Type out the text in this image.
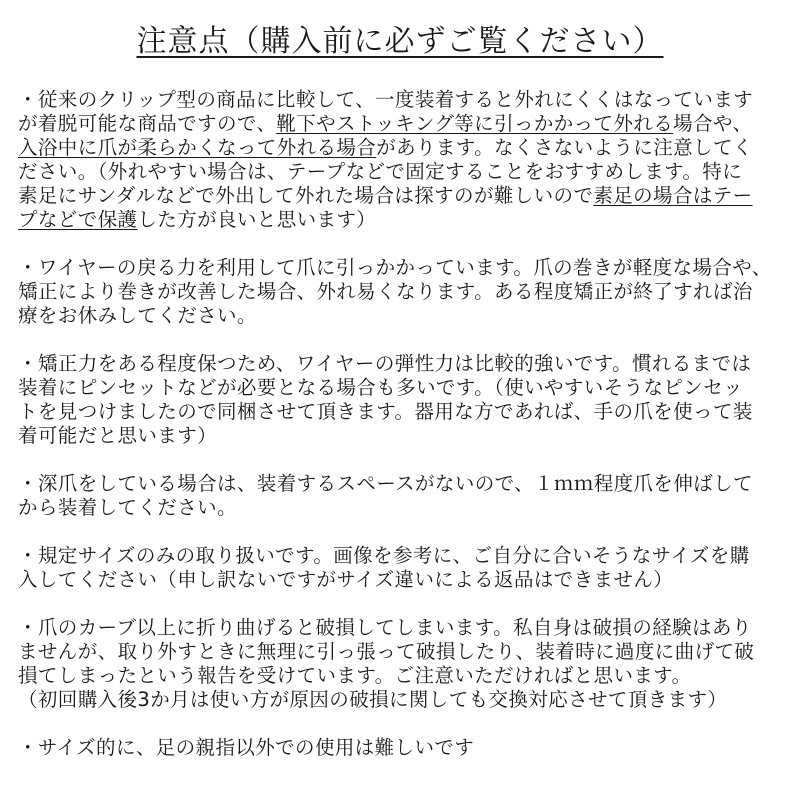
注意点（購入前に必ずご覧ください）
・従来のクリップ型の商品に比較して、一度装着すると外れにくくはなっています
が着脱可能な商品ですので、靴下やストッキング等に引っかかって外れる場合や、
入浴中に爪が柔らかくなって外れる場合があります。なくさないように注意してく
ださい。（外れやすい場合は、テープなどで固定することをおすすめします。特に
素足にサンダルなどで外出して外れた場合は探すのが難しいので素足の場合はテー
プなどで保護した方が良いと思います）
・ワイヤーの戻る力を利用して爪に引っかかっています。爪の巻きが軽度な場合や、
矯正により巻きが改善した場合、外れ易くなります。ある程度矯正が終了すれば治
療をお休みしてください。
・矯正力をある程度保つため、ワイヤーの弾性力は比較的強いです。慣れるまでは
装着にピンセットなどが必要となる場合も多いです。（使いやすいそうなピンセッ
トを見つけましたので同梱させて頂きます。器用な方であれば、手の爪を使って装
着可能だと思います）
・深爪をしている場合は、装着するスペースがないので、１ｍｍ程度爪を伸ばして
から装着してください。
・規定サイズのみの取り扱いです。画像を参考に、ご自分に合いそうなサイズを購
入してください（申し訳ないですがサイズ違いによる返品はできません）
・爪のカーブ以上に折り曲げると破損してしまいます。私自身は破損の経験はあり
ませんが、取り外すときに無理に引っ張って破損したり、装着時に過度に曲げて破
損てしまったという報告を受けています。ご注意いただければと思います。
（初回購入後3か月は使い方が原因の破損に関しても交換対応させて頂きます）
・サイズ的に、足の親指以外での使用は難しいです
